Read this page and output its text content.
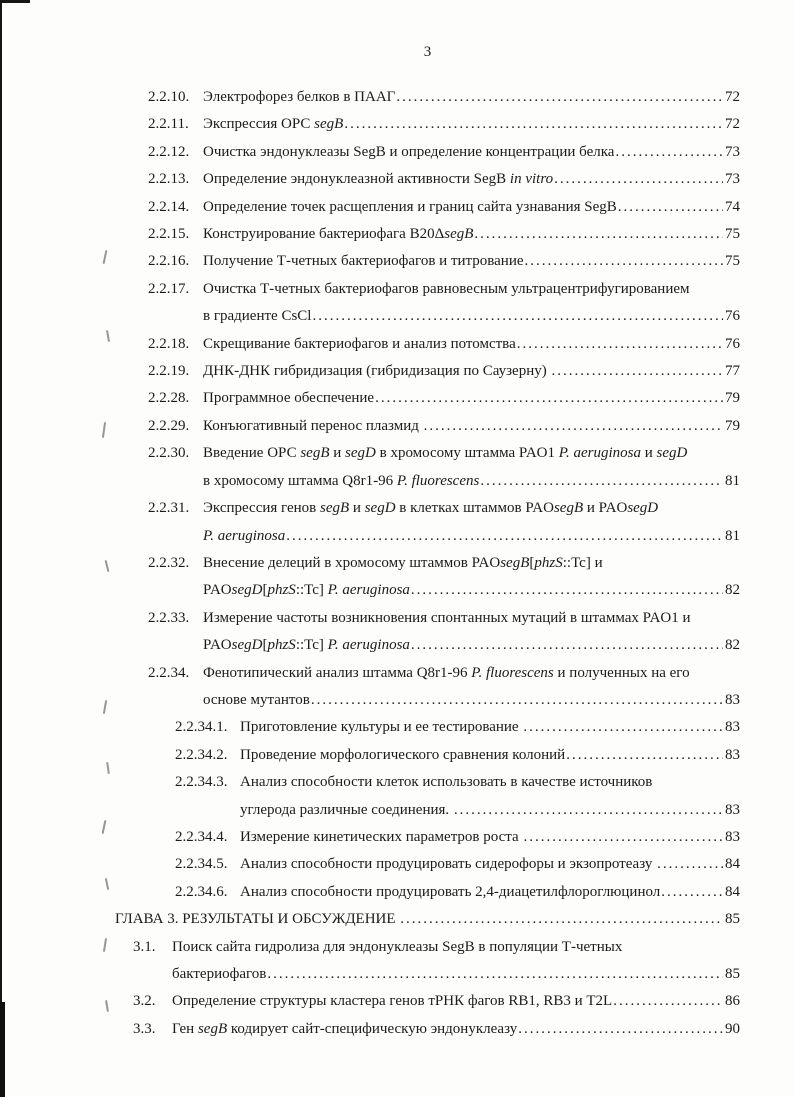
3
2.2.10. Электрофорез белков в ПААГ .....	72
2.2.11. Экспрессия ОРС segB .....	72
2.2.12. Очистка эндонуклеазы SegB и определение концентрации белка .....	73
2.2.13. Определение эндонуклеазной активности SegB in vitro .....	73
2.2.14. Определение точек расщепления и границ сайта узнавания SegB .....	74
2.2.15. Конструирование бактериофага B20ΔsegB .....	75
2.2.16. Получение Т-четных бактериофагов и титрование .....	75
2.2.17. Очистка Т-четных бактериофагов равновесным ультрацентрифугированием
в градиенте CsCl .....	76
2.2.18. Скрещивание бактериофагов и анализ потомства .....	76
2.2.19. ДНК-ДНК гибридизация (гибридизация по Саузерну) .....	77
2.2.28. Программное обеспечение .....	79
2.2.29. Конъюгативный перенос плазмид .....	79
2.2.30. Введение ОРС segB и segD в хромосому штамма PAO1 P. aeruginosa и segD
в хромосому штамма Q8r1-96 P. fluorescens .....	81
2.2.31. Экспрессия генов segB и segD в клетках штаммов PAOsegB и PAOsegD
P. aeruginosa .....	81
2.2.32. Внесение делеций в хромосому штаммов PAOsegB[phzS::Tc] и
PAOsegD[phzS::Tc] P. aeruginosa .....	82
2.2.33. Измерение частоты возникновения спонтанных мутаций в штаммах PAO1 и
PAOsegD[phzS::Tc] P. aeruginosa .....	82
2.2.34. Фенотипический анализ штамма Q8r1-96 P. fluorescens и полученных на его
основе мутантов .....	83
2.2.34.1. Приготовление культуры и ее тестирование .....	83
2.2.34.2. Проведение морфологического сравнения колоний .....	83
2.2.34.3. Анализ способности клеток использовать в качестве источников
углерода различные соединения. .....	83
2.2.34.4. Измерение кинетических параметров роста .....	83
2.2.34.5. Анализ способности продуцировать сидерофоры и экзопротеазу .....	84
2.2.34.6. Анализ способности продуцировать 2,4-диацетилфлороглюцинол .....	84
ГЛАВА 3. РЕЗУЛЬТАТЫ И ОБСУЖДЕНИЕ .....	85
3.1.	Поиск сайта гидролиза для эндонуклеазы SegB в популяции Т-четных
бактериофагов .....	85
3.2.	Определение структуры кластера генов тРНК фагов RB1, RB3 и T2L .....	86
3.3.	Ген segB кодирует сайт-специфическую эндонуклеазу .....	90
